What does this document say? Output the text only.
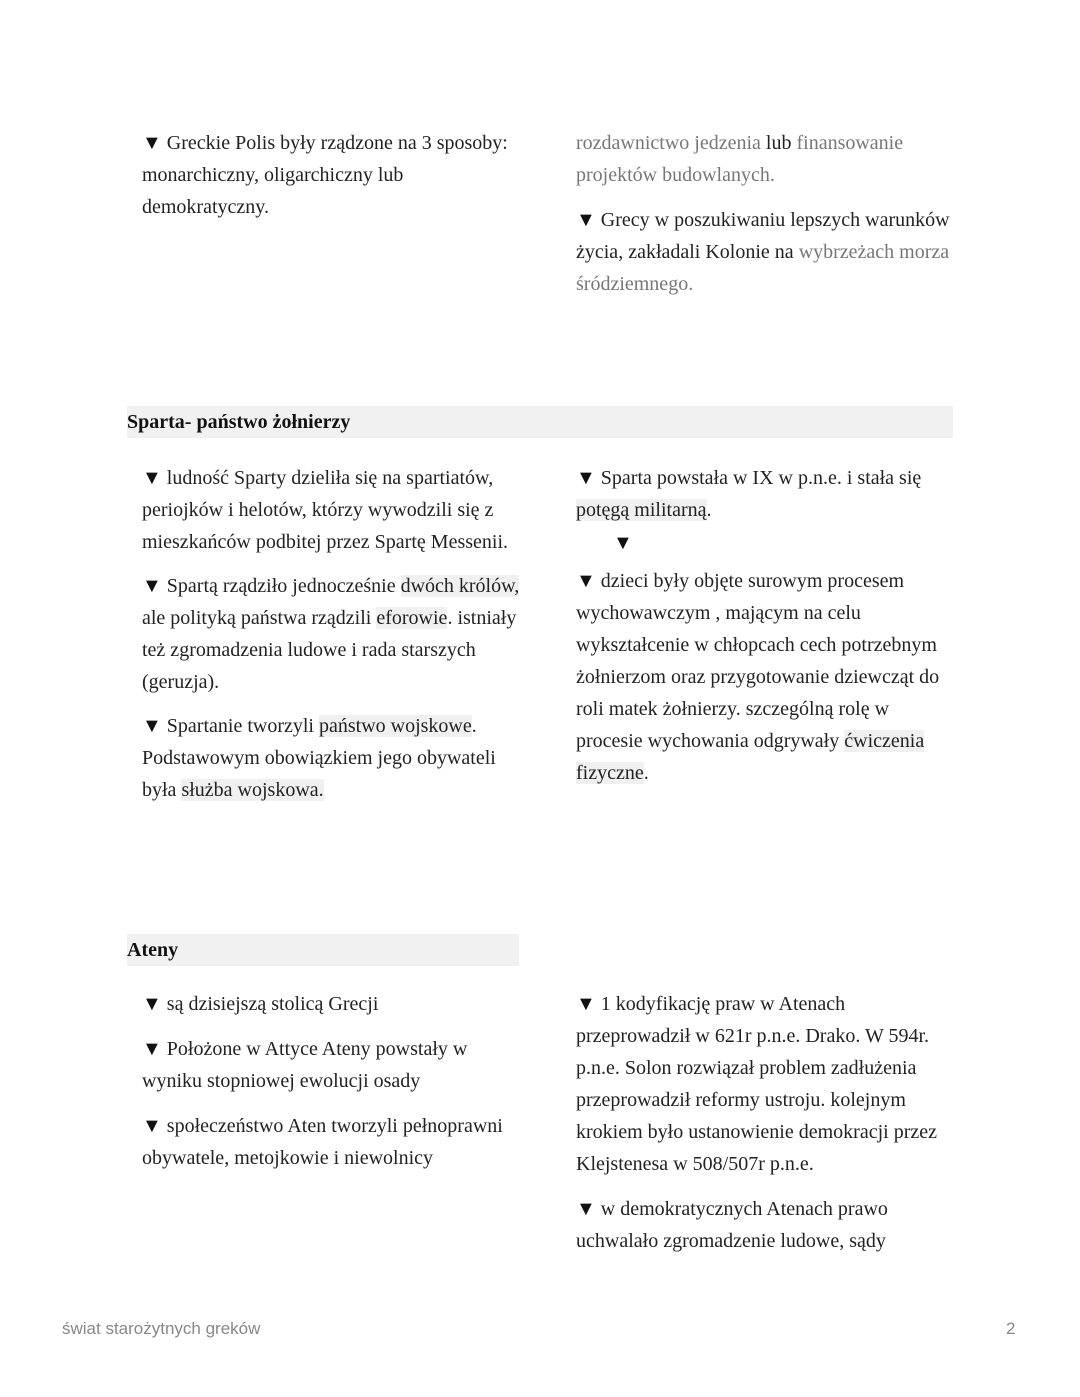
▼ Greckie Polis były rządzone na 3 sposoby: monarchiczny, oligarchiczny lub demokratyczny.

rozdawnictwo jedzenia lub finansowanie projektów budowlanych.

▼ Grecy w poszukiwaniu lepszych warunków życia, zakładali Kolonie na wybrzeżach morza śródziemnego.

Sparta- państwo żołnierzy

▼ ludność Sparty dzieliła się na spartiatów, periojków i helotów, którzy wywodzili się z mieszkańców podbitej przez Spartę Messenii.

▼ Spartą rządziło jednocześnie dwóch królów, ale polityką państwa rządzili eforowie. istniały też zgromadzenia ludowe i rada starszych (geruzja).

▼ Spartanie tworzyli państwo wojskowe. Podstawowym obowiązkiem jego obywateli była służba wojskowa.

▼ Sparta powstała w IX w p.n.e. i stała się potęgą militarną.

▼

▼ dzieci były objęte surowym procesem wychowawczym , mającym na celu wykształcenie w chłopcach cech potrzebnym żołnierzom oraz przygotowanie dziewcząt do roli matek żołnierzy. szczególną rolę w procesie wychowania odgrywały ćwiczenia fizyczne.

Ateny

▼ są dzisiejszą stolicą Grecji

▼ Położone w Attyce Ateny powstały w wyniku stopniowej ewolucji osady

▼ społeczeństwo Aten tworzyli pełnoprawni obywatele, metojkowie i niewolnicy

▼ 1 kodyfikację praw w Atenach przeprowadził w 621r p.n.e. Drako. W 594r. p.n.e. Solon rozwiązał problem zadłużenia przeprowadził reformy ustroju. kolejnym krokiem było ustanowienie demokracji przez Klejstenesa w 508/507r p.n.e.

▼ w demokratycznych Atenach prawo uchwalało zgromadzenie ludowe, sądy

świat starożytnych greków	2
